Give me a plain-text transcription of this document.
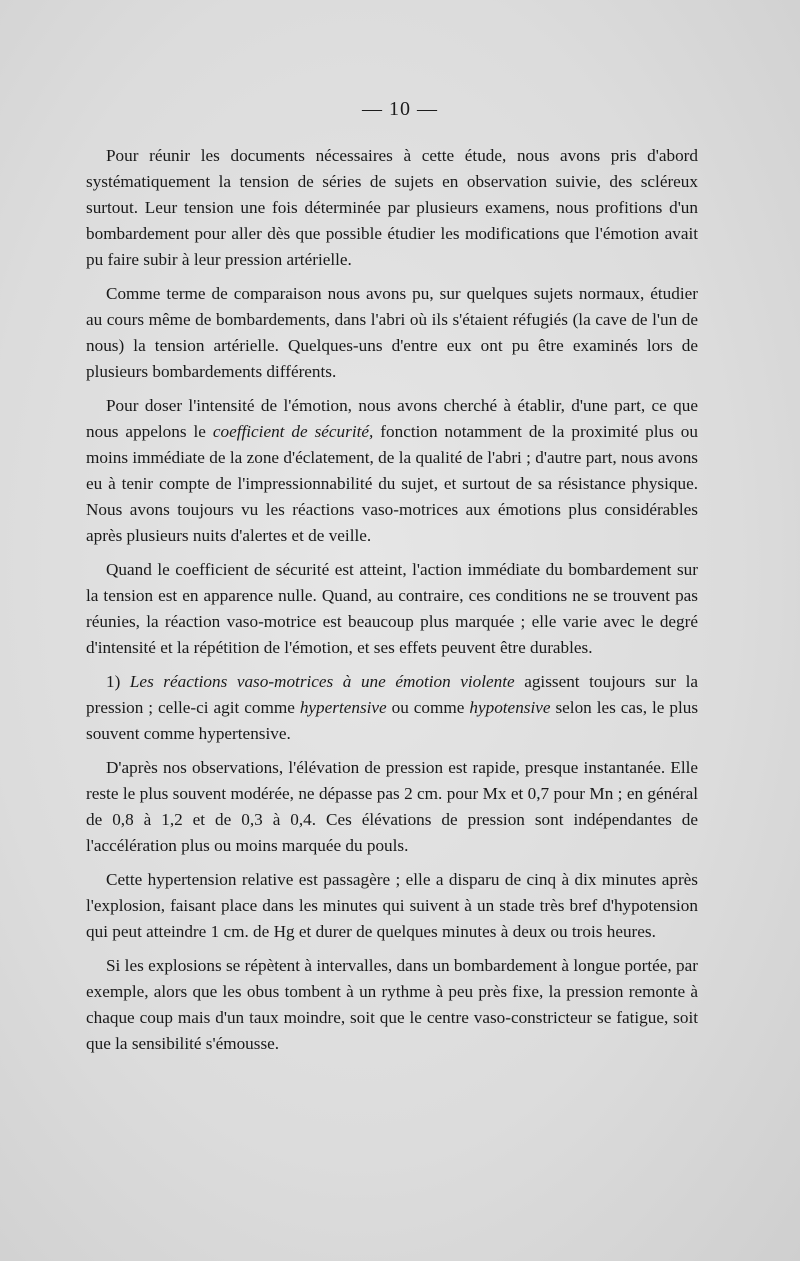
— 10 —

Pour réunir les documents nécessaires à cette étude, nous avons pris d'abord systématiquement la tension de séries de sujets en observation suivie, des scléreux surtout. Leur tension une fois déterminée par plusieurs examens, nous profitions d'un bombardement pour aller dès que possible étudier les modifications que l'émotion avait pu faire subir à leur pression artérielle.

Comme terme de comparaison nous avons pu, sur quelques sujets normaux, étudier au cours même de bombardements, dans l'abri où ils s'étaient réfugiés (la cave de l'un de nous) la tension artérielle. Quelques-uns d'entre eux ont pu être examinés lors de plusieurs bombardements différents.

Pour doser l'intensité de l'émotion, nous avons cherché à établir, d'une part, ce que nous appelons le coefficient de sécurité, fonction notamment de la proximité plus ou moins immédiate de la zone d'éclatement, de la qualité de l'abri ; d'autre part, nous avons eu à tenir compte de l'impressionnabilité du sujet, et surtout de sa résistance physique. Nous avons toujours vu les réactions vaso-motrices aux émotions plus considérables après plusieurs nuits d'alertes et de veille.

Quand le coefficient de sécurité est atteint, l'action immédiate du bombardement sur la tension est en apparence nulle. Quand, au contraire, ces conditions ne se trouvent pas réunies, la réaction vaso-motrice est beaucoup plus marquée ; elle varie avec le degré d'intensité et la répétition de l'émotion, et ses effets peuvent être durables.

1) Les réactions vaso-motrices à une émotion violente agissent toujours sur la pression ; celle-ci agit comme hypertensive ou comme hypotensive selon les cas, le plus souvent comme hypertensive.

D'après nos observations, l'élévation de pression est rapide, presque instantanée. Elle reste le plus souvent modérée, ne dépasse pas 2 cm. pour Mx et 0,7 pour Mn ; en général de 0,8 à 1,2 et de 0,3 à 0,4. Ces élévations de pression sont indépendantes de l'accélération plus ou moins marquée du pouls.

Cette hypertension relative est passagère ; elle a disparu de cinq à dix minutes après l'explosion, faisant place dans les minutes qui suivent à un stade très bref d'hypotension qui peut atteindre 1 cm. de Hg et durer de quelques minutes à deux ou trois heures.

Si les explosions se répètent à intervalles, dans un bombardement à longue portée, par exemple, alors que les obus tombent à un rythme à peu près fixe, la pression remonte à chaque coup mais d'un taux moindre, soit que le centre vaso-constricteur se fatigue, soit que la sensibilité s'émousse.
